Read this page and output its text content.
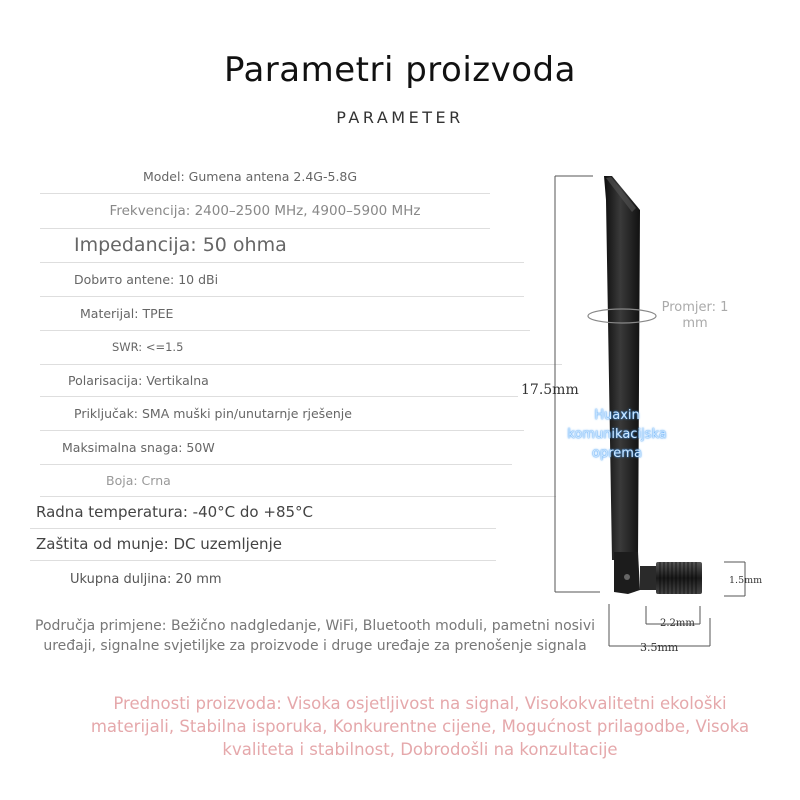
Parametri proizvoda
PARAMETER
Model: Gumena antena 2.4G-5.8G
Frekvencija: 2400–2500 MHz, 4900–5900 MHz
Impedancija: 50 ohma
Dobитo antene: 10 dBi
Materijal: TPEE
SWR: <=1.5
Polarisacija: Vertikalna
Priključak: SMA muški pin/unutarnje rješenje
Maksimalna snaga: 50W
Boja: Crna
Radna temperatura: -40°C do +85°C
Zaštita od munje: DC uzemljenje
Ukupna duljina: 20 mm
Područja primjene: Bežično nadgledanje, WiFi, Bluetooth moduli, pametni nosivi uređaji, signalne svjetiljke za proizvode i druge uređaje za prenošenje signala
Prednosti proizvoda: Visoka osjetljivost na signal, Visokokvalitetni ekološki materijali, Stabilna isporuka, Konkurentne cijene, Mogućnost prilagodbe, Visoka kvaliteta i stabilnost, Dobrodošli na konzultacije
17.5mm
1.5mm
2.2mm
3.5mm
Promjer: 1 mm
Huaxin komunikacijska oprema
